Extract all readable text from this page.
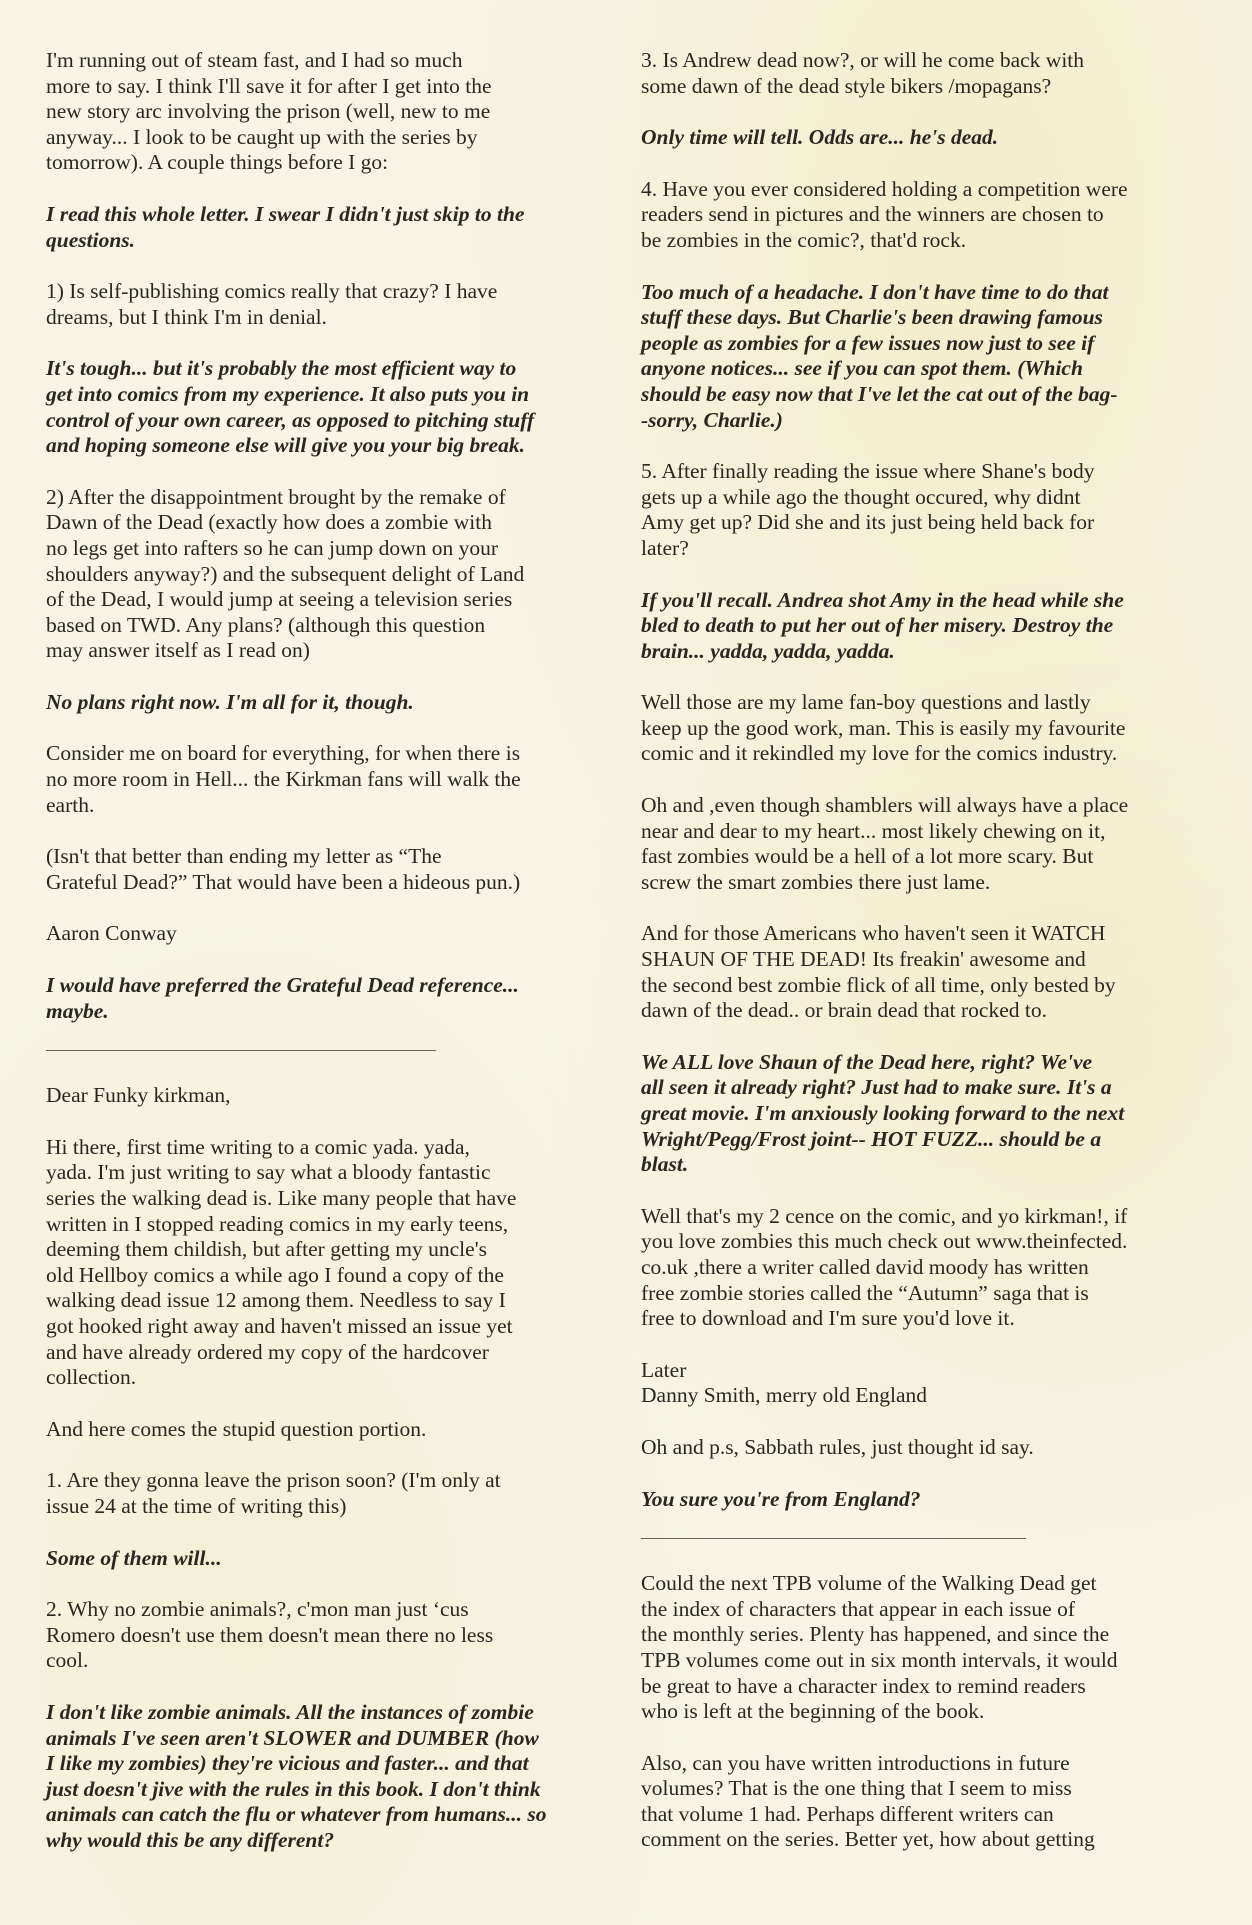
I'm running out of steam fast, and I had so much
more to say. I think I'll save it for after I get into the
new story arc involving the prison (well, new to me
anyway... I look to be caught up with the series by
tomorrow). A couple things before I go:

I read this whole letter. I swear I didn't just skip to the
questions.

1) Is self-publishing comics really that crazy? I have
dreams, but I think I'm in denial.

It's tough... but it's probably the most efficient way to
get into comics from my experience. It also puts you in
control of your own career, as opposed to pitching stuff
and hoping someone else will give you your big break.

2) After the disappointment brought by the remake of
Dawn of the Dead (exactly how does a zombie with
no legs get into rafters so he can jump down on your
shoulders anyway?) and the subsequent delight of Land
of the Dead, I would jump at seeing a television series
based on TWD. Any plans? (although this question
may answer itself as I read on)

No plans right now. I'm all for it, though.

Consider me on board for everything, for when there is
no more room in Hell... the Kirkman fans will walk the
earth.

(Isn't that better than ending my letter as “The
Grateful Dead?” That would have been a hideous pun.)

Aaron Conway

I would have preferred the Grateful Dead reference...
maybe.

Dear Funky kirkman,

Hi there, first time writing to a comic yada. yada,
yada. I'm just writing to say what a bloody fantastic
series the walking dead is. Like many people that have
written in I stopped reading comics in my early teens,
deeming them childish, but after getting my uncle's
old Hellboy comics a while ago I found a copy of the
walking dead issue 12 among them. Needless to say I
got hooked right away and haven't missed an issue yet
and have already ordered my copy of the hardcover
collection.

And here comes the stupid question portion.

1. Are they gonna leave the prison soon? (I'm only at
issue 24 at the time of writing this)

Some of them will...

2. Why no zombie animals?, c'mon man just ‘cus
Romero doesn't use them doesn't mean there no less
cool.

I don't like zombie animals. All the instances of zombie
animals I've seen aren't SLOWER and DUMBER (how
I like my zombies) they're vicious and faster... and that
just doesn't jive with the rules in this book. I don't think
animals can catch the flu or whatever from humans... so
why would this be any different?

3. Is Andrew dead now?, or will he come back with
some dawn of the dead style bikers /mopagans?

Only time will tell. Odds are... he's dead.

4. Have you ever considered holding a competition were
readers send in pictures and the winners are chosen to
be zombies in the comic?, that'd rock.

Too much of a headache. I don't have time to do that
stuff these days. But Charlie's been drawing famous
people as zombies for a few issues now just to see if
anyone notices... see if you can spot them. (Which
should be easy now that I've let the cat out of the bag-
-sorry, Charlie.)

5. After finally reading the issue where Shane's body
gets up a while ago the thought occured, why didnt
Amy get up? Did she and its just being held back for
later?

If you'll recall. Andrea shot Amy in the head while she
bled to death to put her out of her misery. Destroy the
brain... yadda, yadda, yadda.

Well those are my lame fan-boy questions and lastly
keep up the good work, man. This is easily my favourite
comic and it rekindled my love for the comics industry.

Oh and ,even though shamblers will always have a place
near and dear to my heart... most likely chewing on it,
fast zombies would be a hell of a lot more scary. But
screw the smart zombies there just lame.

And for those Americans who haven't seen it WATCH
SHAUN OF THE DEAD! Its freakin' awesome and
the second best zombie flick of all time, only bested by
dawn of the dead.. or brain dead that rocked to.

We ALL love Shaun of the Dead here, right? We've
all seen it already right? Just had to make sure. It's a
great movie. I'm anxiously looking forward to the next
Wright/Pegg/Frost joint-- HOT FUZZ... should be a
blast.

Well that's my 2 cence on the comic, and yo kirkman!, if
you love zombies this much check out www.theinfected.
co.uk ,there a writer called david moody has written
free zombie stories called the “Autumn” saga that is
free to download and I'm sure you'd love it.

Later
Danny Smith, merry old England

Oh and p.s, Sabbath rules, just thought id say.

You sure you're from England?

Could the next TPB volume of the Walking Dead get
the index of characters that appear in each issue of
the monthly series. Plenty has happened, and since the
TPB volumes come out in six month intervals, it would
be great to have a character index to remind readers
who is left at the beginning of the book.

Also, can you have written introductions in future
volumes? That is the one thing that I seem to miss
that volume 1 had. Perhaps different writers can
comment on the series. Better yet, how about getting
